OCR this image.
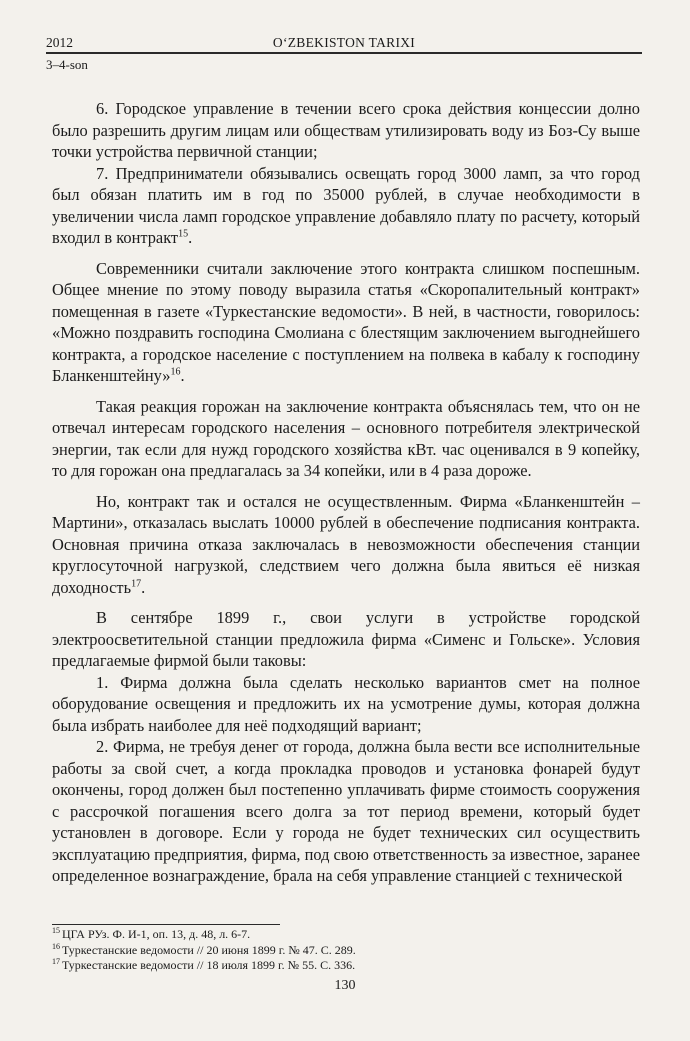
2012	O‘ZBEKISTON TARIXI
3–4-son

6. Городское управление в течении всего срока действия концессии долно было разрешить другим лицам или обществам утилизировать воду из Боз-Су выше точки устройства первичной станции;

7. Предприниматели обязывались освещать город 3000 ламп, за что город был обязан платить им в год по 35000 рублей, в случае необходимости в увеличении числа ламп городское управление добавляло плату по расчету, который входил в контракт$^{15}$.

Современники считали заключение этого контракта слишком поспешным. Общее мнение по этому поводу выразила статья «Скоропалительный контракт» помещенная в газете «Туркестанские ведомости». В ней, в частности, говорилось: «Можно поздравить господина Смолиана с блестящим заключением выгоднейшего контракта, а городское население с поступлением на полвека в кабалу к господину Бланкенштейну»$^{16}$.

Такая реакция горожан на заключение контракта объяснялась тем, что он не отвечал интересам городского населения – основного потребителя электрической энергии, так если для нужд городского хозяйства кВт. час оценивался в 9 копейку, то для горожан она предлагалась за 34 копейки, или в 4 раза дороже.

Но, контракт так и остался не осуществленным. Фирма «Бланкенштейн – Мартини», отказалась выслать 10000 рублей в обеспечение подписания контракта. Основная причина отказа заключалась в невозможности обеспечения станции круглосуточной нагрузкой, следствием чего должна была явиться её низкая доходность$^{17}$.

В сентябре 1899 г., свои услуги в устройстве городской электроосветительной станции предложила фирма «Сименс и Гольске». Условия предлагаемые фирмой были таковы:

1. Фирма должна была сделать несколько вариантов смет на полное оборудование освещения и предложить их на усмотрение думы, которая должна была избрать наиболее для неё подходящий вариант;

2. Фирма, не требуя денег от города, должна была вести все исполнительные работы за свой счет, а когда прокладка проводов и установка фонарей будут окончены, город должен был постепенно уплачивать фирме стоимость сооружения с рассрочкой погашения всего долга за тот период времени, который будет установлен в договоре. Если у города не будет технических сил осуществить эксплуатацию предприятия, фирма, под свою ответственность за известное, заранее определенное вознаграждение, брала на себя управление станцией с технической

$^{15}$ ЦГА РУз. Ф. И-1, оп. 13, д. 48, л. 6-7.
$^{16}$ Туркестанские ведомости // 20 июня 1899 г. № 47. С. 289.
$^{17}$ Туркестанские ведомости // 18 июля 1899 г. № 55. С. 336.
130
